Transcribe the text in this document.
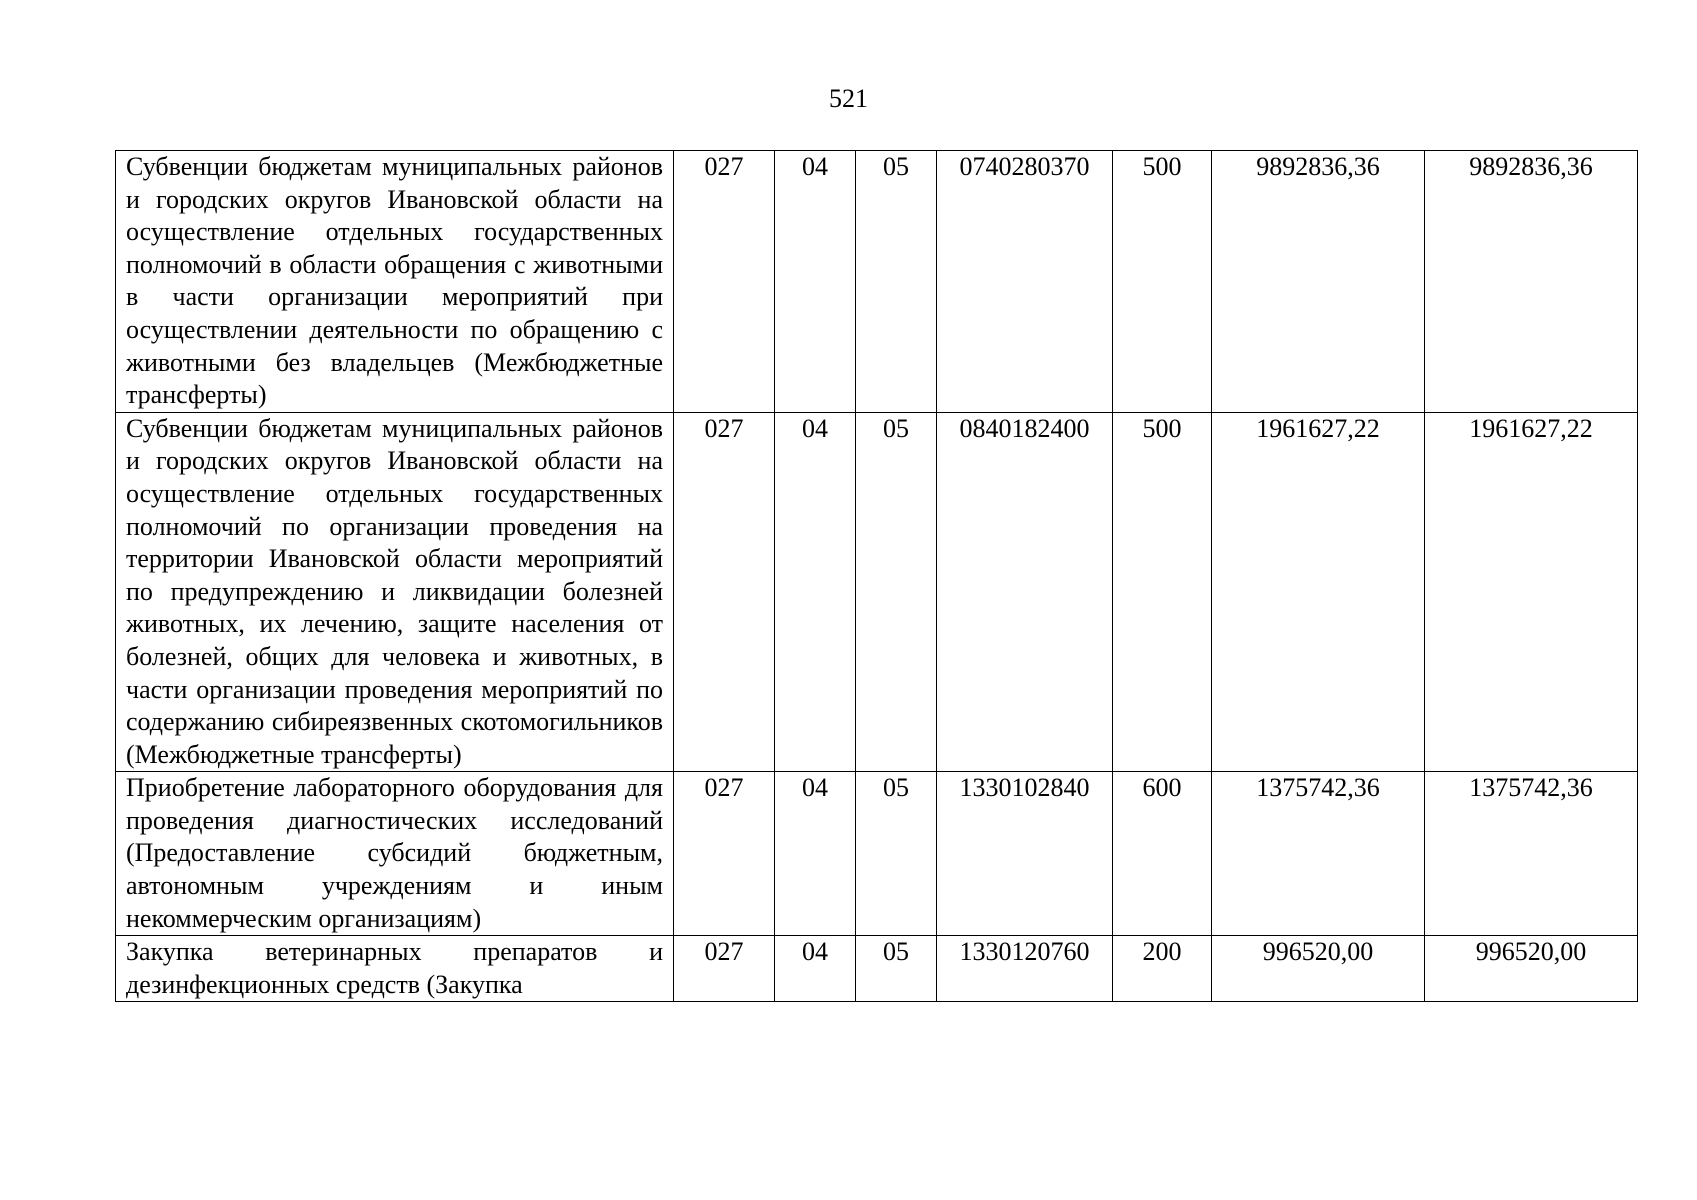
521
Субвенции бюджетам муниципальных районов и городских округов Ивановской области на осуществление отдельных государственных полномочий в области обращения с животными в части организации мероприятий при осуществлении деятельности по обращению с животными без владельцев (Межбюджетные трансферты)	027	04	05	0740280370	500	9892836,36	9892836,36
Субвенции бюджетам муниципальных районов и городских округов Ивановской области на осуществление отдельных государственных полномочий по организации проведения на территории Ивановской области мероприятий по предупреждению и ликвидации болезней животных, их лечению, защите населения от болезней, общих для человека и животных, в части организации проведения мероприятий по содержанию сибиреязвенных скотомогильников (Межбюджетные трансферты)	027	04	05	0840182400	500	1961627,22	1961627,22
Приобретение лабораторного оборудования для проведения диагностических исследований (Предоставление субсидий бюджетным, автономным учреждениям и иным некоммерческим организациям)	027	04	05	1330102840	600	1375742,36	1375742,36
Закупка ветеринарных препаратов и дезинфекционных средств (Закупка	027	04	05	1330120760	200	996520,00	996520,00
